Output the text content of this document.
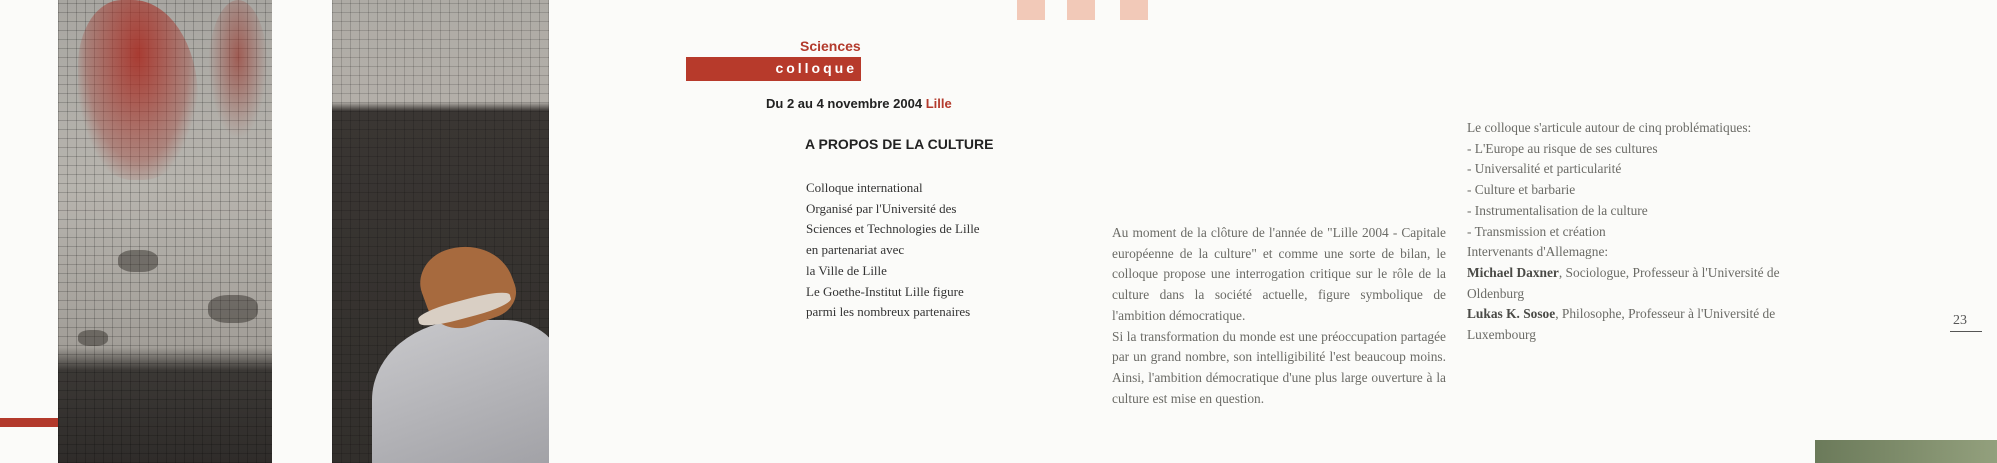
Sciences
colloque
Du 2 au 4 novembre 2004 Lille
A PROPOS DE LA CULTURE
Colloque international
Organisé par l'Université des
Sciences et Technologies de Lille
en partenariat avec
la Ville de Lille
Le Goethe-Institut Lille figure
parmi les nombreux partenaires

Au moment de la clôture de l'année de "Lille 2004 - Capitale européenne de la culture" et comme une sorte de bilan, le colloque propose une interrogation critique sur le rôle de la culture dans la société actuelle, figure symbolique de l'ambition démocratique.

Si la transformation du monde est une préoccupation partagée par un grand nombre, son intelligibilité l'est beaucoup moins. Ainsi, l'ambition démocratique d'une plus large ouverture à la culture est mise en question.

Le colloque s'articule autour de cinq problématiques:
- L'Europe au risque de ses cultures
- Universalité et particularité
- Culture et barbarie
- Instrumentalisation de la culture
- Transmission et création
Intervenants d'Allemagne:
Michael Daxner, Sociologue, Professeur à l'Université de Oldenburg
Lukas K. Sosoe, Philosophe, Professeur à l'Université de Luxembourg
23
